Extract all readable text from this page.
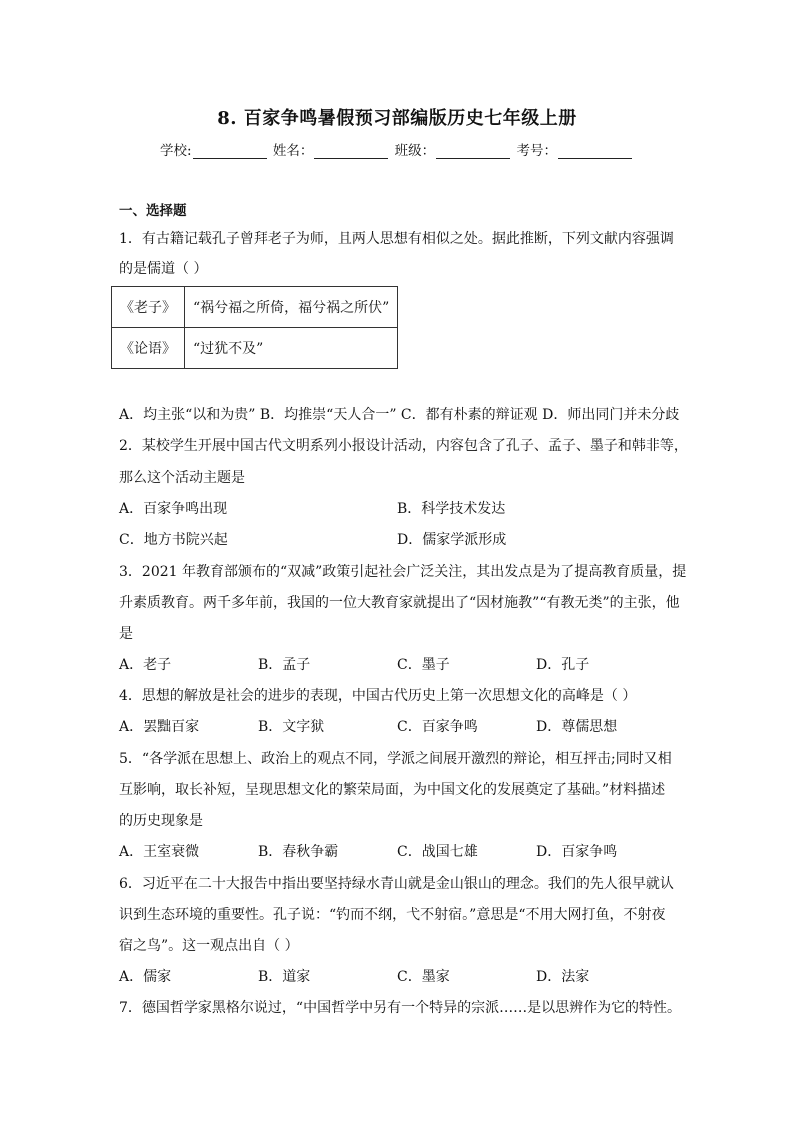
8. 百家争鸣暑假预习部编版历史七年级上册
学校:	姓名：	班级：	考号：
一、选择题
1．有古籍记载孔子曾拜老子为师，且两人思想有相似之处。据此推断，下列文献内容强调
的是儒道（ ）
《老子》	“祸兮福之所倚，福兮祸之所伏”
《论语》	“过犹不及”
A．均主张“以和为贵” B．均推崇“天人合一” C．都有朴素的辩证观 D．师出同门并未分歧
2．某校学生开展中国古代文明系列小报设计活动，内容包含了孔子、孟子、墨子和韩非等，
那么这个活动主题是
A．百家争鸣出现	B．科学技术发达
C．地方书院兴起	D．儒家学派形成
3．2021 年教育部颁布的“双减”政策引起社会广泛关注，其出发点是为了提高教育质量，提
升素质教育。两千多年前，我国的一位大教育家就提出了“因材施教”“有教无类”的主张，他
是
A．老子	B．孟子	C．墨子	D．孔子
4．思想的解放是社会的进步的表现，中国古代历史上第一次思想文化的高峰是（ ）
A．罢黜百家	B．文字狱	C．百家争鸣	D．尊儒思想
5．“各学派在思想上、政治上的观点不同，学派之间展开激烈的辩论，相互抨击;同时又相
互影响，取长补短，呈现思想文化的繁荣局面，为中国文化的发展奠定了基础。”材料描述
的历史现象是
A．王室衰微	B．春秋争霸	C．战国七雄	D．百家争鸣
6．习近平在二十大报告中指出要坚持绿水青山就是金山银山的理念。我们的先人很早就认
识到生态环境的重要性。孔子说：“钓而不纲，弋不射宿。”意思是“不用大网打鱼，不射夜
宿之鸟”。这一观点出自（ ）
A．儒家	B．道家	C．墨家	D．法家
7．德国哲学家黑格尔说过，“中国哲学中另有一个特异的宗派……是以思辨作为它的特性。
